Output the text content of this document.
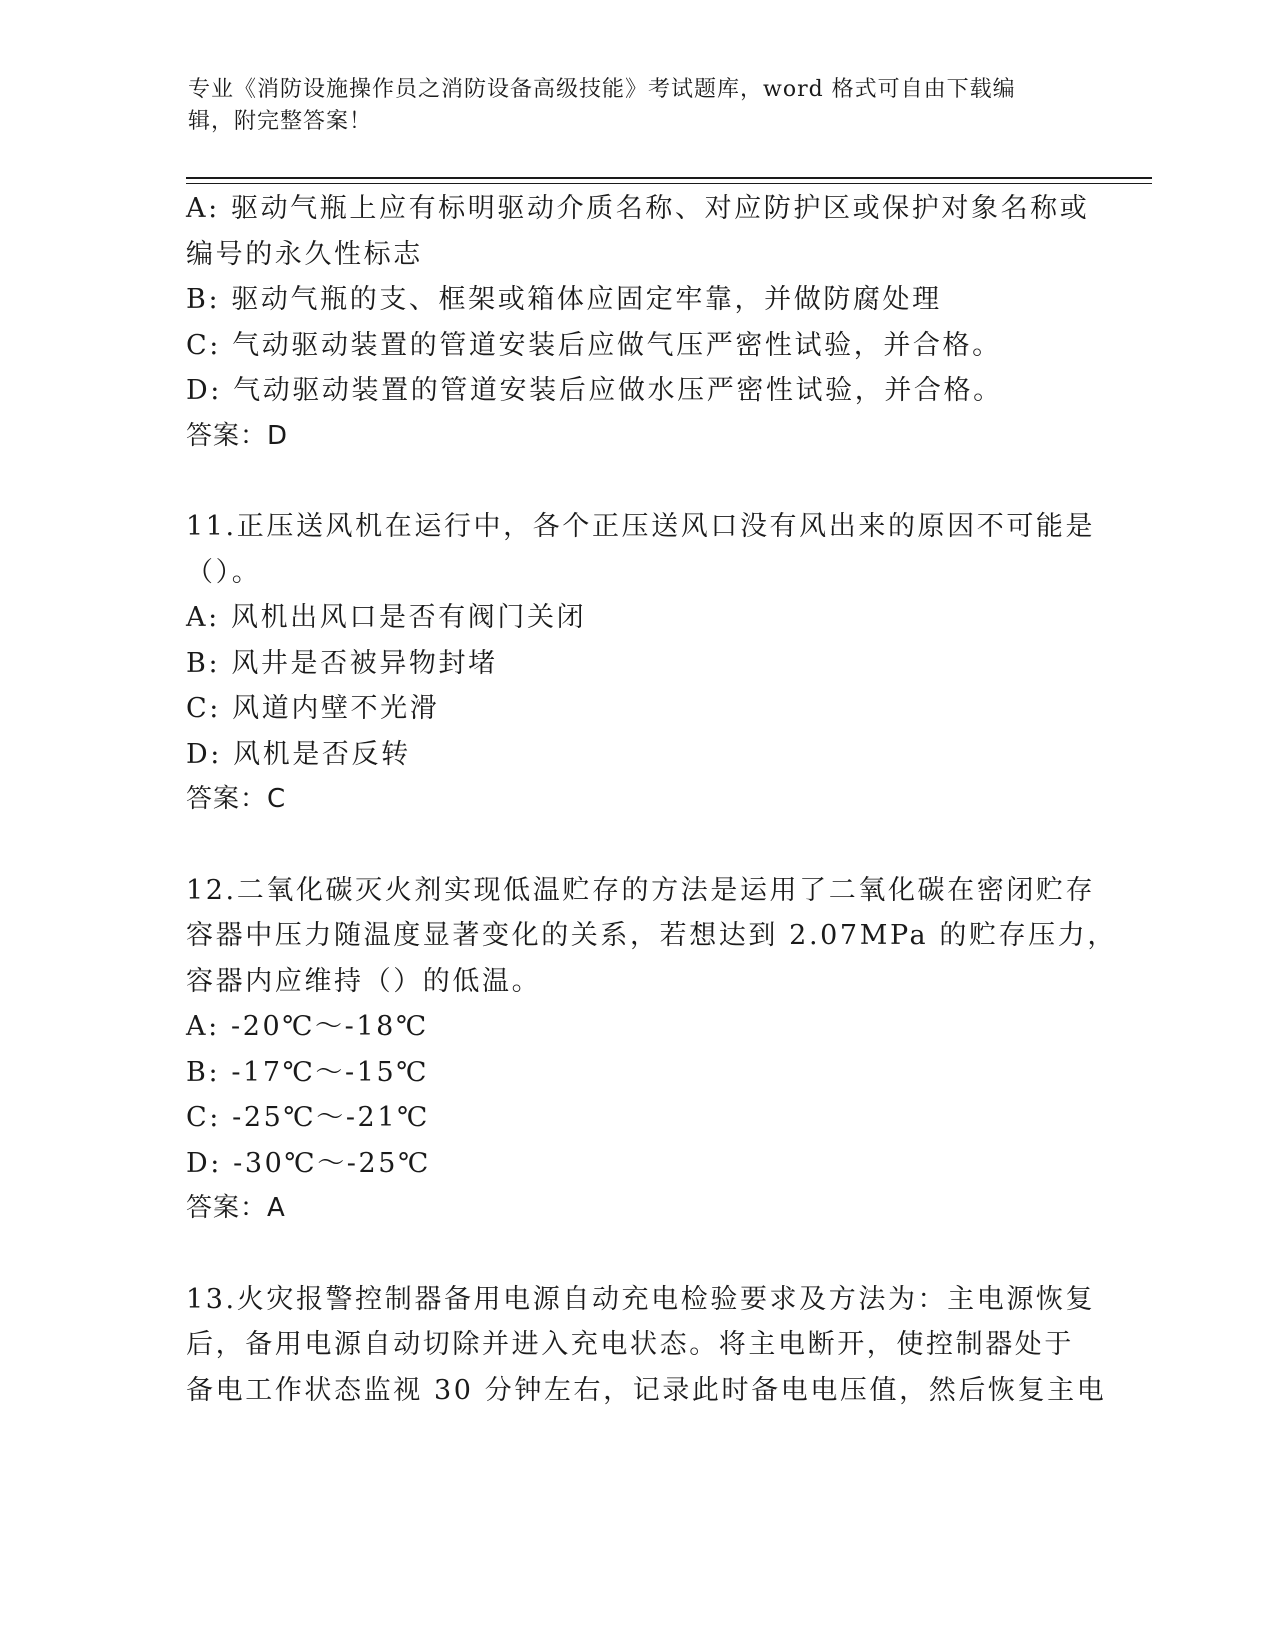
专业《消防设施操作员之消防设备高级技能》考试题库，word 格式可自由下载编
辑，附完整答案！
A: 驱动气瓶上应有标明驱动介质名称、对应防护区或保护对象名称或
编号的永久性标志
B: 驱动气瓶的支、框架或箱体应固定牢靠，并做防腐处理
C: 气动驱动装置的管道安装后应做气压严密性试验，并合格。
D: 气动驱动装置的管道安装后应做水压严密性试验，并合格。
答案：D
11.正压送风机在运行中，各个正压送风口没有风出来的原因不可能是
（）。
A: 风机出风口是否有阀门关闭
B: 风井是否被异物封堵
C: 风道内壁不光滑
D: 风机是否反转
答案：C
12.二氧化碳灭火剂实现低温贮存的方法是运用了二氧化碳在密闭贮存
容器中压力随温度显著变化的关系，若想达到 2.07MPa 的贮存压力，
容器内应维持（）的低温。
A: -20℃～-18℃
B: -17℃～-15℃
C: -25℃～-21℃
D: -30℃～-25℃
答案：A
13.火灾报警控制器备用电源自动充电检验要求及方法为：主电源恢复
后，备用电源自动切除并进入充电状态。将主电断开，使控制器处于
备电工作状态监视 30 分钟左右，记录此时备电电压值，然后恢复主电
